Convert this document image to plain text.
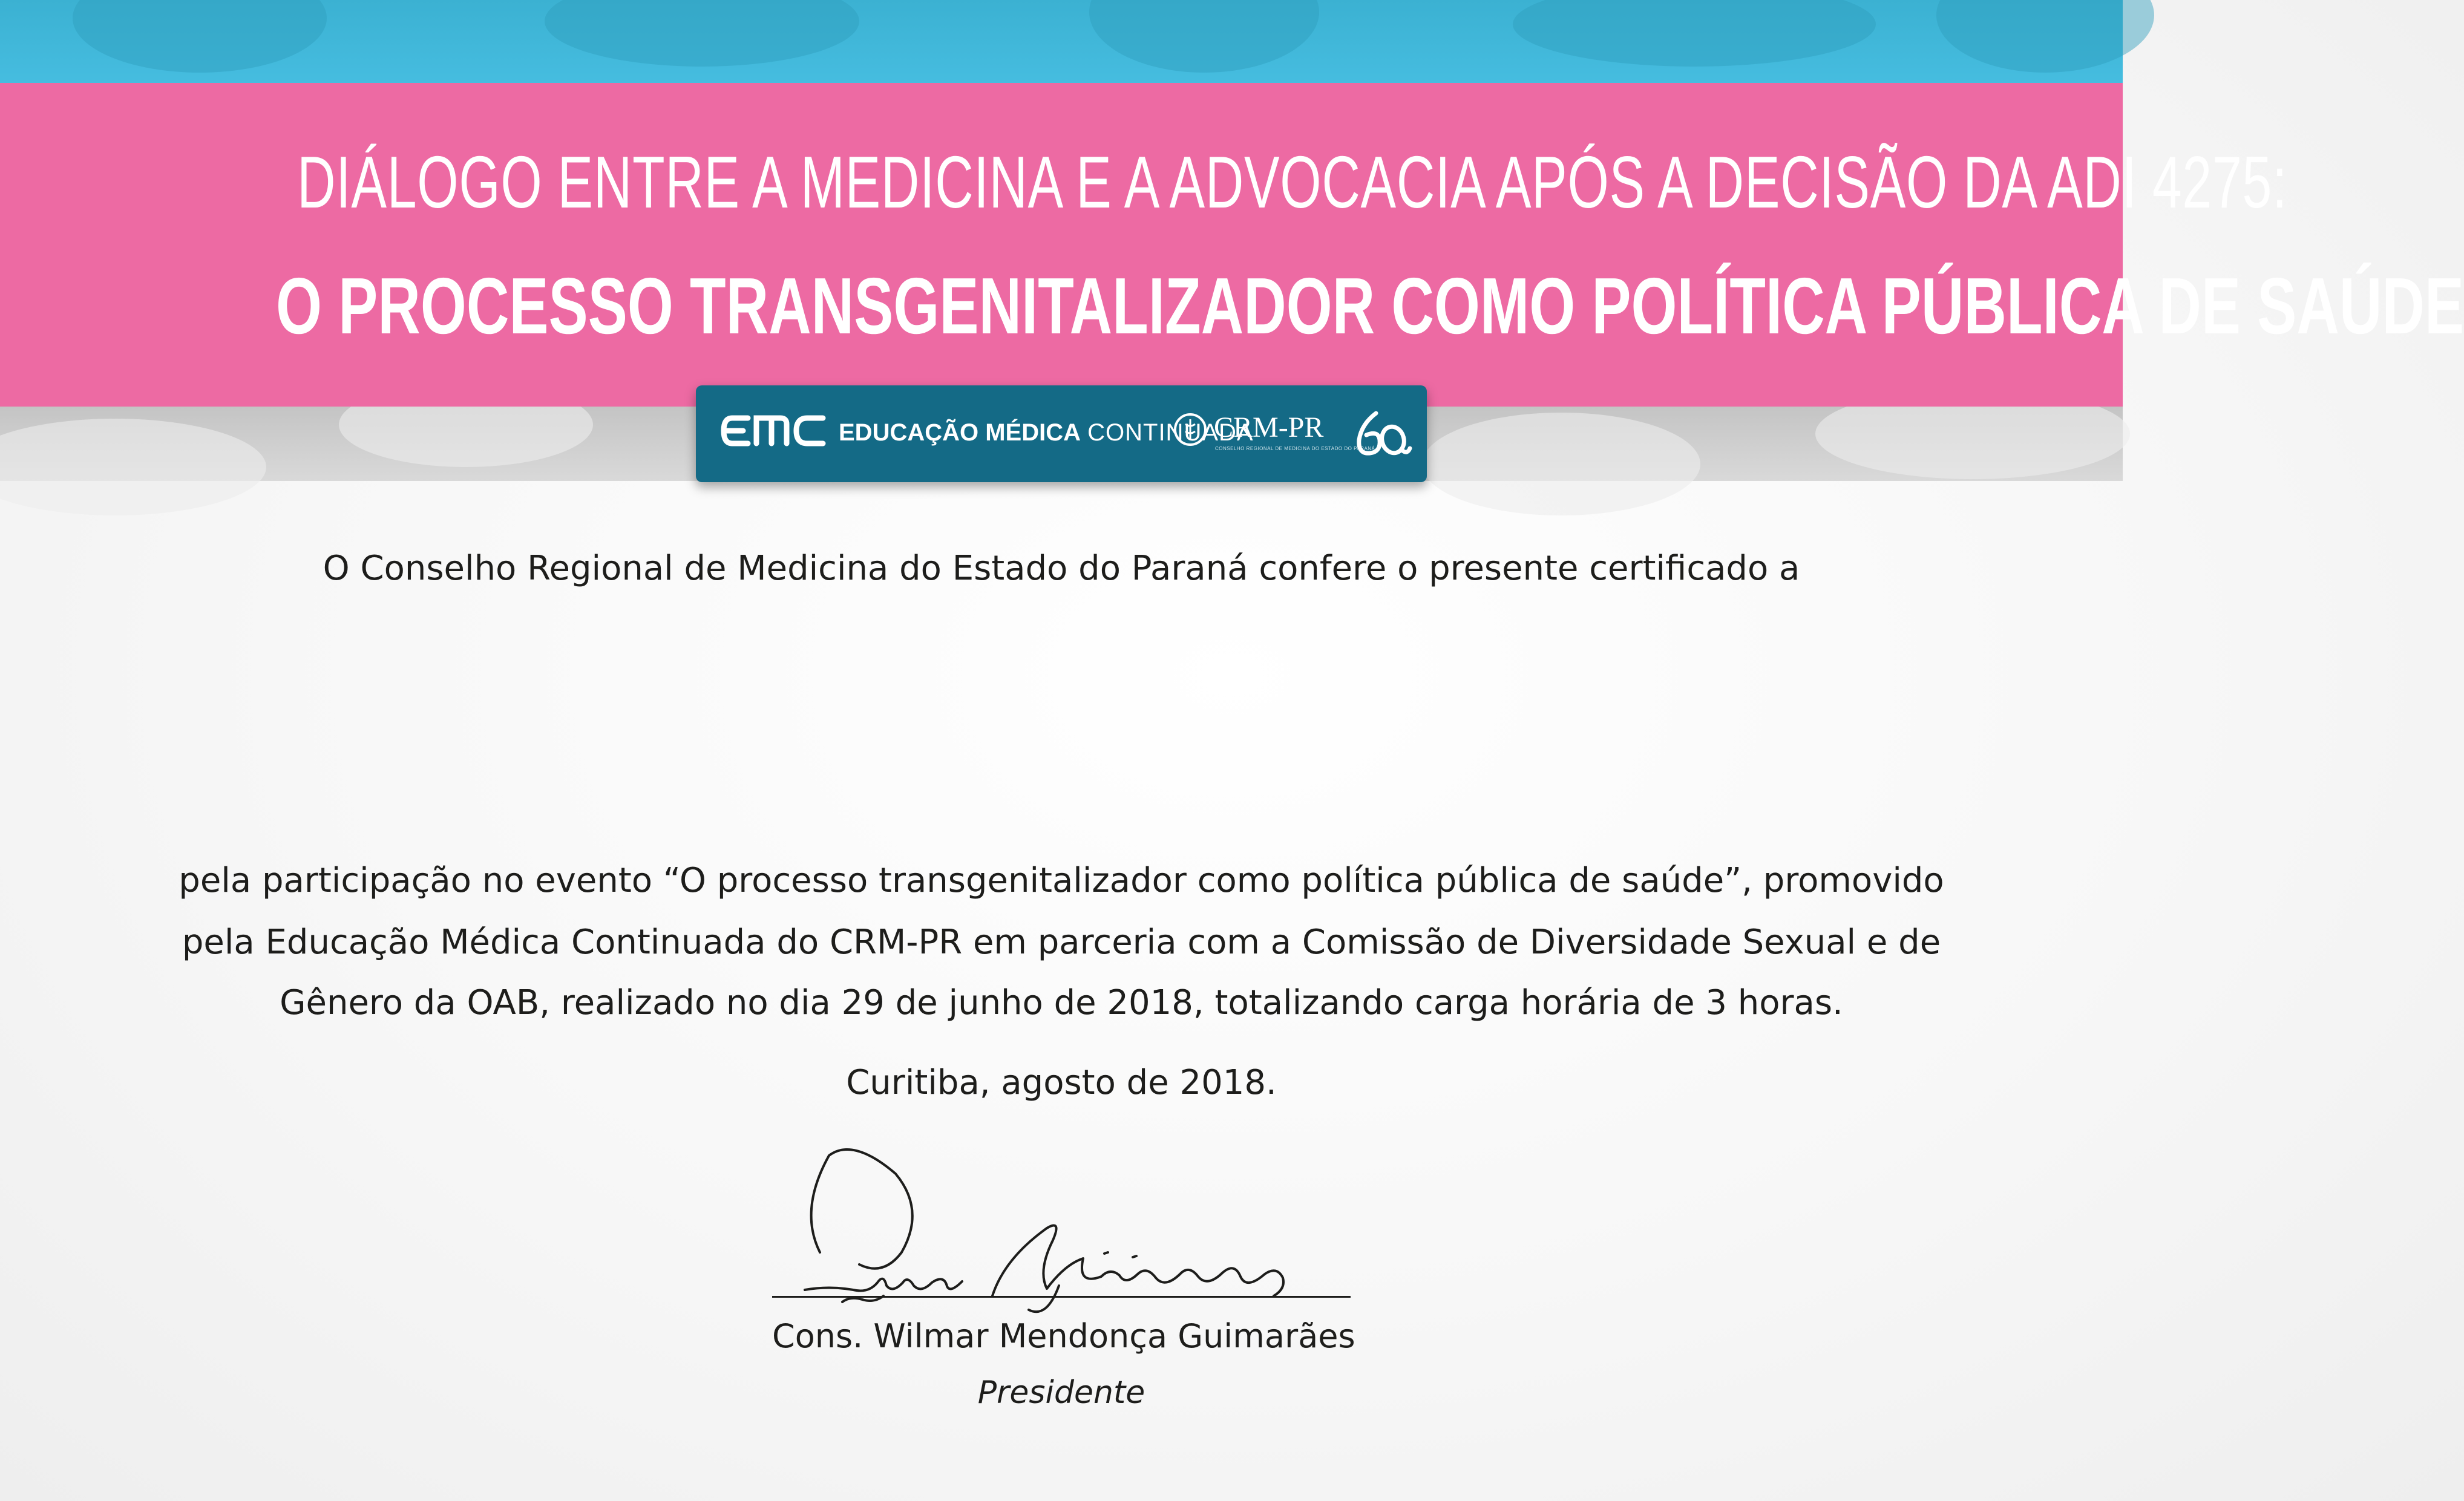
DIÁLOGO ENTRE A MEDICINA E A ADVOCACIA APÓS A DECISÃO DA ADI 4275:
O PROCESSO TRANSGENITALIZADOR COMO POLÍTICA PÚBLICA DE SAÚDE
EDUCAÇÃO MÉDICA CONTINUADA
CRM-PR
CONSELHO REGIONAL DE MEDICINA DO ESTADO DO PARANÁ
O Conselho Regional de Medicina do Estado do Paraná confere o presente certificado a
pela participação no evento “O processo transgenitalizador como política pública de saúde”, promovido
pela Educação Médica Continuada do CRM-PR em parceria com a Comissão de Diversidade Sexual e de
Gênero da OAB, realizado no dia 29 de junho de 2018, totalizando carga horária de 3 horas.
Curitiba, agosto de 2018.
Cons. Wilmar Mendonça Guimarães
Presidente
